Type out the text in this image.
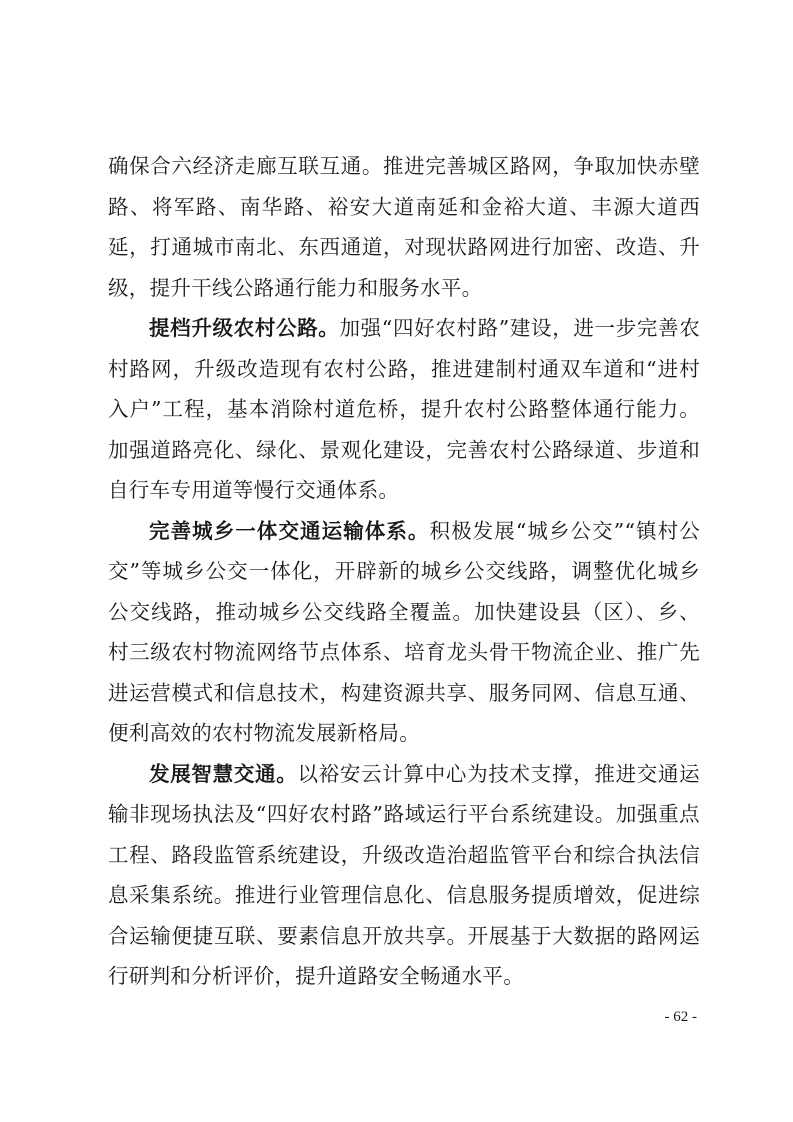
确保合六经济走廊互联互通。推进完善城区路网，争取加快赤壁路、将军路、南华路、裕安大道南延和金裕大道、丰源大道西延，打通城市南北、东西通道，对现状路网进行加密、改造、升级，提升干线公路通行能力和服务水平。

提档升级农村公路。加强“四好农村路”建设，进一步完善农村路网，升级改造现有农村公路，推进建制村通双车道和“进村入户”工程，基本消除村道危桥，提升农村公路整体通行能力。加强道路亮化、绿化、景观化建设，完善农村公路绿道、步道和自行车专用道等慢行交通体系。

完善城乡一体交通运输体系。积极发展“城乡公交”“镇村公交”等城乡公交一体化，开辟新的城乡公交线路，调整优化城乡公交线路，推动城乡公交线路全覆盖。加快建设县（区）、乡、村三级农村物流网络节点体系、培育龙头骨干物流企业、推广先进运营模式和信息技术，构建资源共享、服务同网、信息互通、便利高效的农村物流发展新格局。

发展智慧交通。以裕安云计算中心为技术支撑，推进交通运输非现场执法及“四好农村路”路域运行平台系统建设。加强重点工程、路段监管系统建设，升级改造治超监管平台和综合执法信息采集系统。推进行业管理信息化、信息服务提质增效，促进综合运输便捷互联、要素信息开放共享。开展基于大数据的路网运行研判和分析评价，提升道路安全畅通水平。

- 62 -
